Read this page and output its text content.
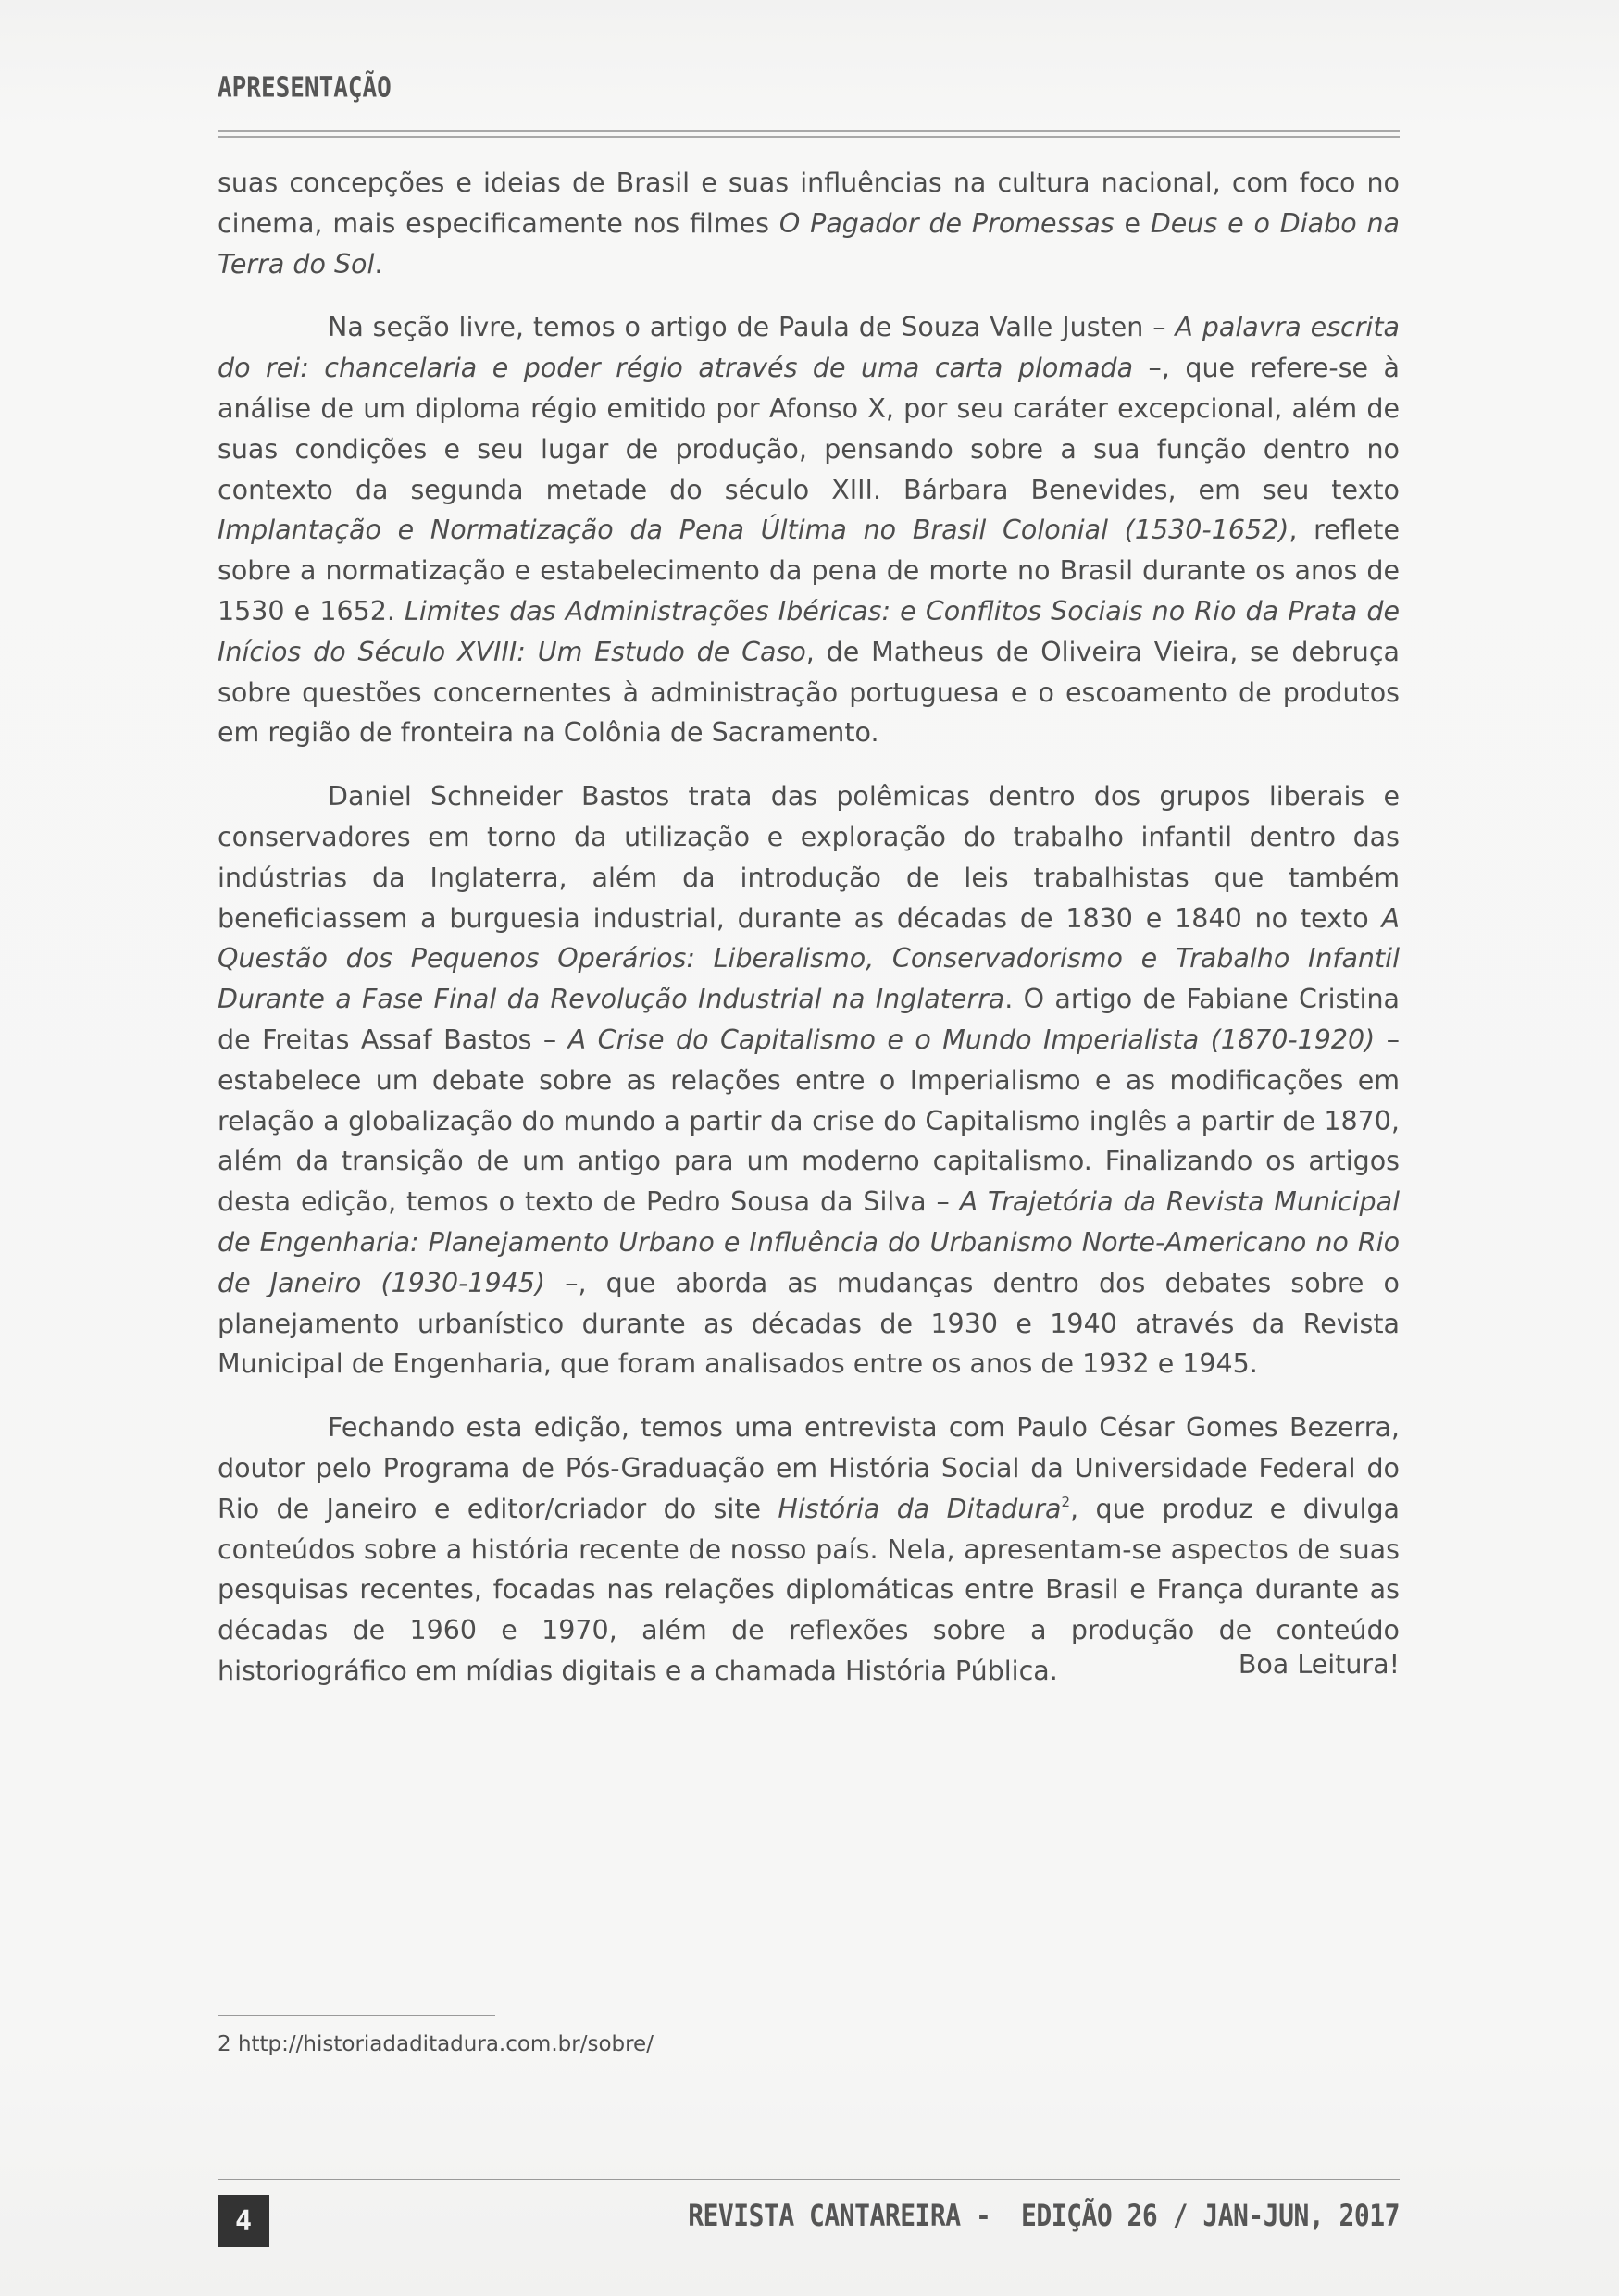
APRESENTAÇÃO

suas concepções e ideias de Brasil e suas influências na cultura nacional, com foco no cinema, mais especificamente nos filmes O Pagador de Promessas e Deus e o Diabo na Terra do Sol.

Na seção livre, temos o artigo de Paula de Souza Valle Justen – A palavra escrita do rei: chancelaria e poder régio através de uma carta plomada –, que refere-se à análise de um diploma régio emitido por Afonso X, por seu caráter excepcional, além de suas condições e seu lugar de produção, pensando sobre a sua função dentro no contexto da segunda metade do século XIII. Bárbara Benevides, em seu texto Implantação e Normatização da Pena Última no Brasil Colonial (1530-1652), reflete sobre a normatização e estabelecimento da pena de morte no Brasil durante os anos de 1530 e 1652. Limites das Administrações Ibéricas: e Conflitos Sociais no Rio da Prata de Inícios do Século XVIII: Um Estudo de Caso, de Matheus de Oliveira Vieira, se debruça sobre questões concernentes à administração portuguesa e o escoamento de produtos em região de fronteira na Colônia de Sacramento.

Daniel Schneider Bastos trata das polêmicas dentro dos grupos liberais e conservadores em torno da utilização e exploração do trabalho infantil dentro das indústrias da Inglaterra, além da introdução de leis trabalhistas que também beneficiassem a burguesia industrial, durante as décadas de 1830 e 1840 no texto A Questão dos Pequenos Operários: Liberalismo, Conservadorismo e Trabalho Infantil Durante a Fase Final da Revolução Industrial na Inglaterra. O artigo de Fabiane Cristina de Freitas Assaf Bastos – A Crise do Capitalismo e o Mundo Imperialista (1870-1920) – estabelece um debate sobre as relações entre o Imperialismo e as modificações em relação a globalização do mundo a partir da crise do Capitalismo inglês a partir de 1870, além da transição de um antigo para um moderno capitalismo. Finalizando os artigos desta edição, temos o texto de Pedro Sousa da Silva – A Trajetória da Revista Municipal de Engenharia: Planejamento Urbano e Influência do Urbanismo Norte-Americano no Rio de Janeiro (1930-1945) –, que aborda as mudanças dentro dos debates sobre o planejamento urbanístico durante as décadas de 1930 e 1940 através da Revista Municipal de Engenharia, que foram analisados entre os anos de 1932 e 1945.

Fechando esta edição, temos uma entrevista com Paulo César Gomes Bezerra, doutor pelo Programa de Pós-Graduação em História Social da Universidade Federal do Rio de Janeiro e editor/criador do site História da Ditadura$^2$, que produz e divulga conteúdos sobre a história recente de nosso país. Nela, apresentam-se aspectos de suas pesquisas recentes, focadas nas relações diplomáticas entre Brasil e França durante as décadas de 1960 e 1970, além de reflexões sobre a produção de conteúdo historiográfico em mídias digitais e a chamada História Pública.	Boa Leitura!
2 http://historiadaditadura.com.br/sobre/
4	REVISTA CANTAREIRA -  EDIÇÃO 26 / JAN-JUN, 2017
